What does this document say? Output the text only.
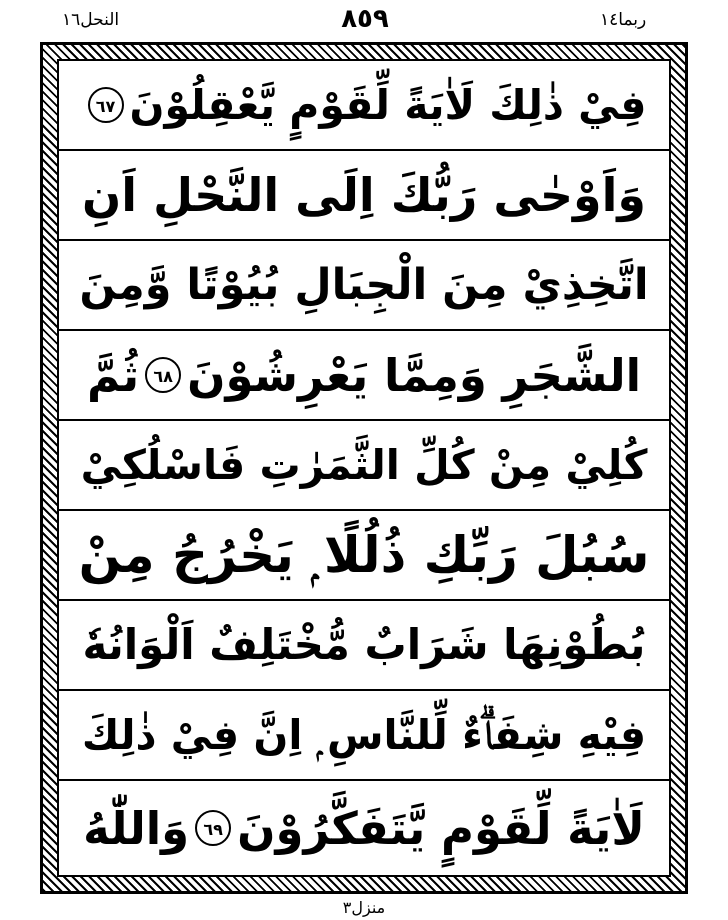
النحل١٦	٨٥٩	ربما١٤
فِيْ ذٰلِكَ لَاٰيَةً لِّقَوْمٍ يَّعْقِلُوْنَ
٦٧
وَاَوْحٰى رَبُّكَ اِلَى النَّحْلِ اَنِ
اتَّخِذِيْ مِنَ الْجِبَالِ بُيُوْتًا وَّمِنَ
الشَّجَرِ وَمِمَّا يَعْرِشُوْنَ
٦٨
ثُمَّ
كُلِيْ مِنْ كُلِّ الثَّمَرٰتِ فَاسْلُكِيْ
سُبُلَ رَبِّكِ ذُلُلًا ۭ يَخْرُجُ مِنْ
بُطُوْنِهَا شَرَابٌ مُّخْتَلِفٌ اَلْوَانُهٗ
فِيْهِ شِفَاۗءٌ لِّلنَّاسِ ۭ اِنَّ فِيْ ذٰلِكَ
لَاٰيَةً لِّقَوْمٍ يَّتَفَكَّرُوْنَ
٦٩
وَاللّٰهُ
منزل٣
